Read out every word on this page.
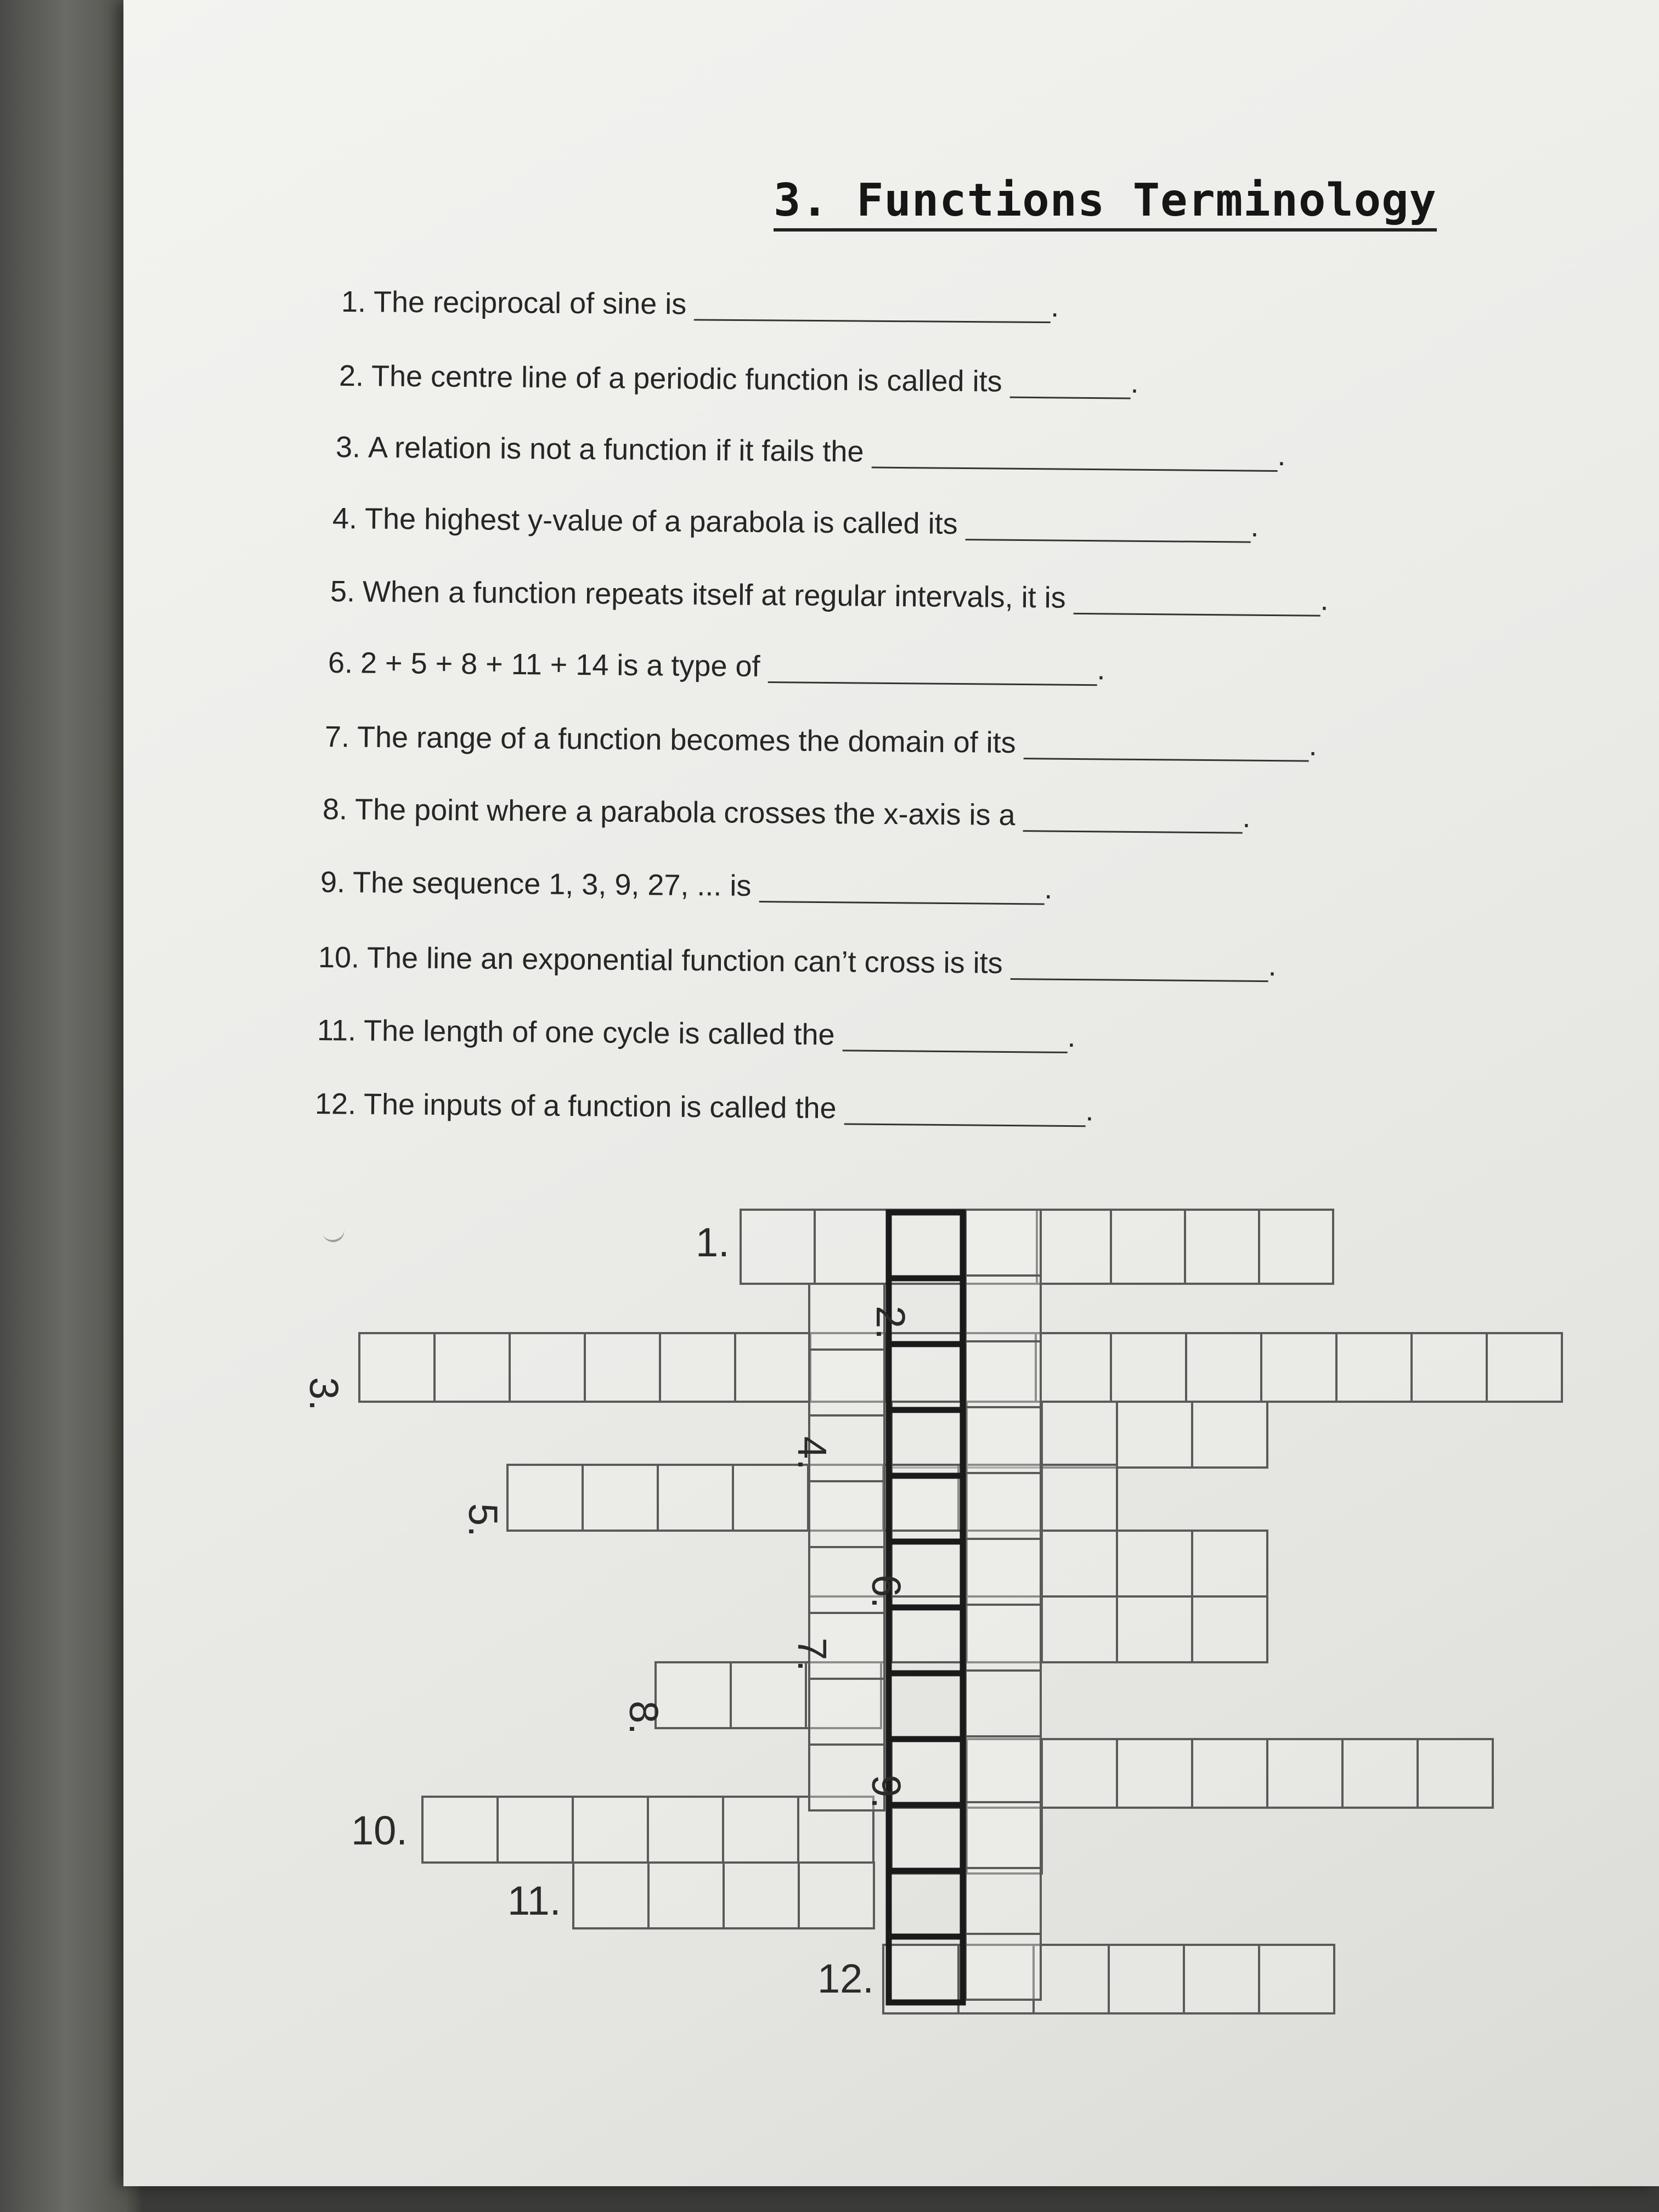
3. Functions Terminology
1.The reciprocal of sine is	.
2.The centre line of a periodic function is called its	.
3.A relation is not a function if it fails the	.
4.The highest y-value of a parabola is called its	.
5.When a function repeats itself at regular intervals, it is	.
6.2 + 5 + 8 + 11 + 14 is a type of	.
7.The range of a function becomes the domain of its	.
8.The point where a parabola crosses the x-axis is a	.
9.The sequence 1, 3, 9, 27, ... is	.
10.The line an exponential function can’t cross is its	.
11.The length of one cycle is called the	.
12.The inputs of a function is called the	.
1.
2.
3.
4.
5.
6.
7.
8.
9.
10.
11.
12.
